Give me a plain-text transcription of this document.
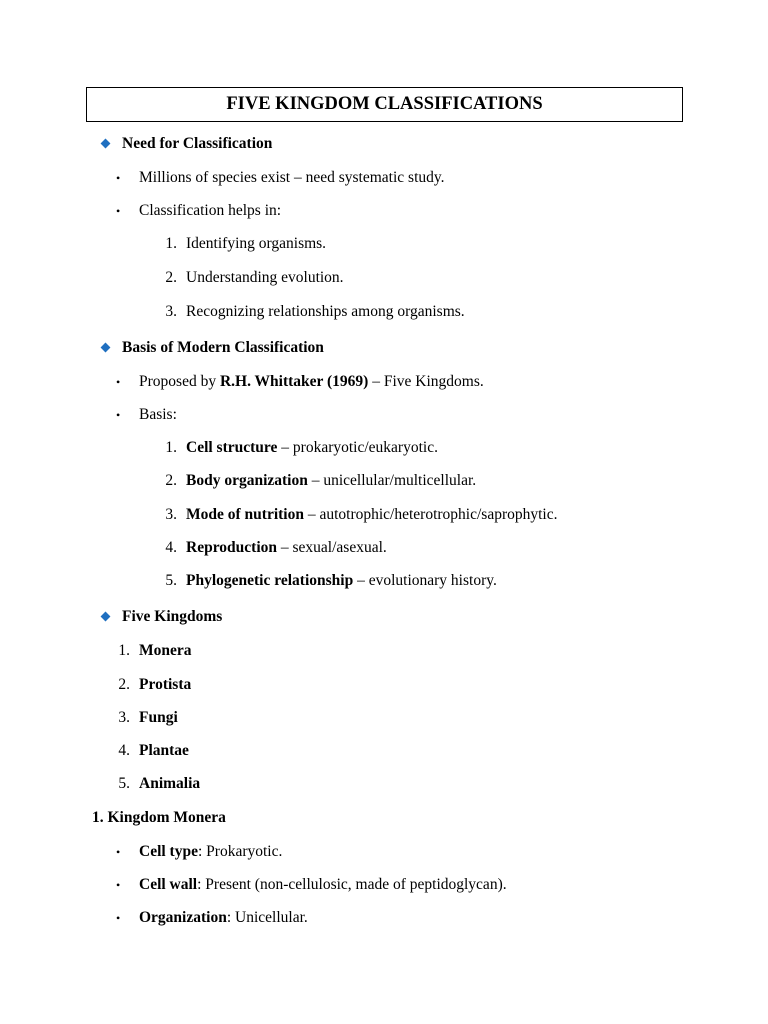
FIVE KINGDOM CLASSIFICATIONS
Need for Classification
• Millions of species exist – need systematic study.
• Classification helps in:
1. Identifying organisms.
2. Understanding evolution.
3. Recognizing relationships among organisms.
Basis of Modern Classification
• Proposed by R.H. Whittaker (1969) – Five Kingdoms.
• Basis:
1. Cell structure – prokaryotic/eukaryotic.
2. Body organization – unicellular/multicellular.
3. Mode of nutrition – autotrophic/heterotrophic/saprophytic.
4. Reproduction – sexual/asexual.
5. Phylogenetic relationship – evolutionary history.
Five Kingdoms
1. Monera
2. Protista
3. Fungi
4. Plantae
5. Animalia
1. Kingdom Monera
• Cell type: Prokaryotic.
• Cell wall: Present (non-cellulosic, made of peptidoglycan).
• Organization: Unicellular.
